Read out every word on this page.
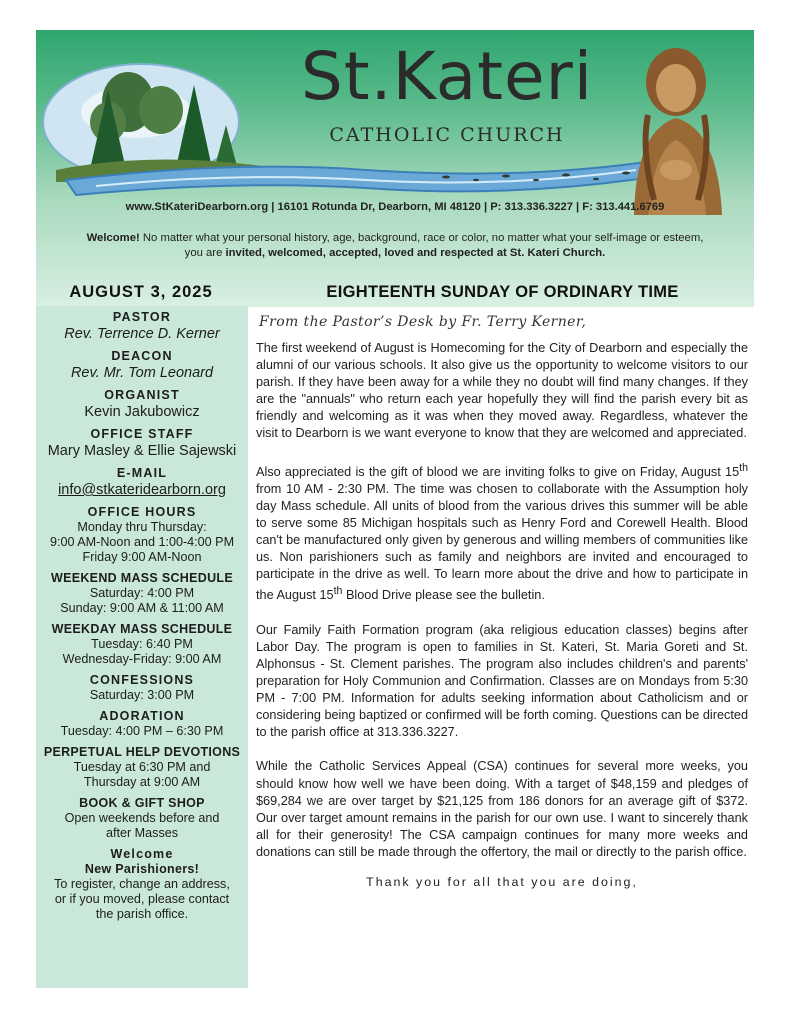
St.Kateri
CATHOLIC CHURCH
www.StKateriDearborn.org | 16101 Rotunda Dr, Dearborn, MI 48120 | P: 313.336.3227 | F: 313.441.6769
Welcome! No matter what your personal history, age, background, race or color, no matter what your self-image or esteem, you are invited, welcomed, accepted, loved and respected at St. Kateri Church.
AUGUST 3, 2025	EIGHTEENTH SUNDAY OF ORDINARY TIME
PASTOR
Rev. Terrence D. Kerner
DEACON
Rev. Mr. Tom Leonard
ORGANIST
Kevin Jakubowicz
OFFICE STAFF
Mary Masley & Ellie Sajewski
E-MAIL
info@stkateridearborn.org
OFFICE HOURS
Monday thru Thursday:
9:00 AM-Noon and 1:00-4:00 PM
Friday 9:00 AM-Noon
WEEKEND MASS SCHEDULE
Saturday: 4:00 PM
Sunday: 9:00 AM & 11:00 AM
WEEKDAY MASS SCHEDULE
Tuesday: 6:40 PM
Wednesday-Friday: 9:00 AM
CONFESSIONS
Saturday: 3:00 PM
ADORATION
Tuesday: 4:00 PM – 6:30 PM
PERPETUAL HELP DEVOTIONS
Tuesday at 6:30 PM and
Thursday at 9:00 AM
BOOK & GIFT SHOP
Open weekends before and
after Masses
Welcome
New Parishioners!
To register, change an address,
or if you moved, please contact
the parish office.
From the Pastor’s Desk by Fr. Terry Kerner,

The first weekend of August is Homecoming for the City of Dearborn and especially the alumni of our various schools. It also give us the opportunity to welcome visitors to our parish. If they have been away for a while they no doubt will find many changes. If they are the "annuals" who return each year hopefully they will find the parish every bit as friendly and welcoming as it was when they moved away. Regardless, whatever the visit to Dearborn is we want everyone to know that they are welcomed and appreciated.

Also appreciated is the gift of blood we are inviting folks to give on Friday, August 15th from 10 AM - 2:30 PM. The time was chosen to collaborate with the Assumption holy day Mass schedule. All units of blood from the various drives this summer will be able to serve some 85 Michigan hospitals such as Henry Ford and Corewell Health. Blood can't be manufactured only given by generous and willing members of communities like us. Non parishioners such as family and neighbors are invited and encouraged to participate in the drive as well. To learn more about the drive and how to participate in the August 15th Blood Drive please see the bulletin.

Our Family Faith Formation program (aka religious education classes) begins after Labor Day. The program is open to families in St. Kateri, St. Maria Goreti and St. Alphonsus - St. Clement parishes. The program also includes children's and parents' preparation for Holy Communion and Confirmation. Classes are on Mondays from 5:30 PM - 7:00 PM. Information for adults seeking information about Catholicism and or considering being baptized or confirmed will be forth coming. Questions can be directed to the parish office at 313.336.3227.

While the Catholic Services Appeal (CSA) continues for several more weeks, you should know how well we have been doing. With a target of $48,159 and pledges of $69,284 we are over target by $21,125 from 186 donors for an average gift of $372. Our over target amount remains in the parish for our own use. I want to sincerely thank all for their generosity! The CSA campaign continues for many more weeks and donations can still be made through the offertory, the mail or directly to the parish office.

Thank you for all that you are doing,
